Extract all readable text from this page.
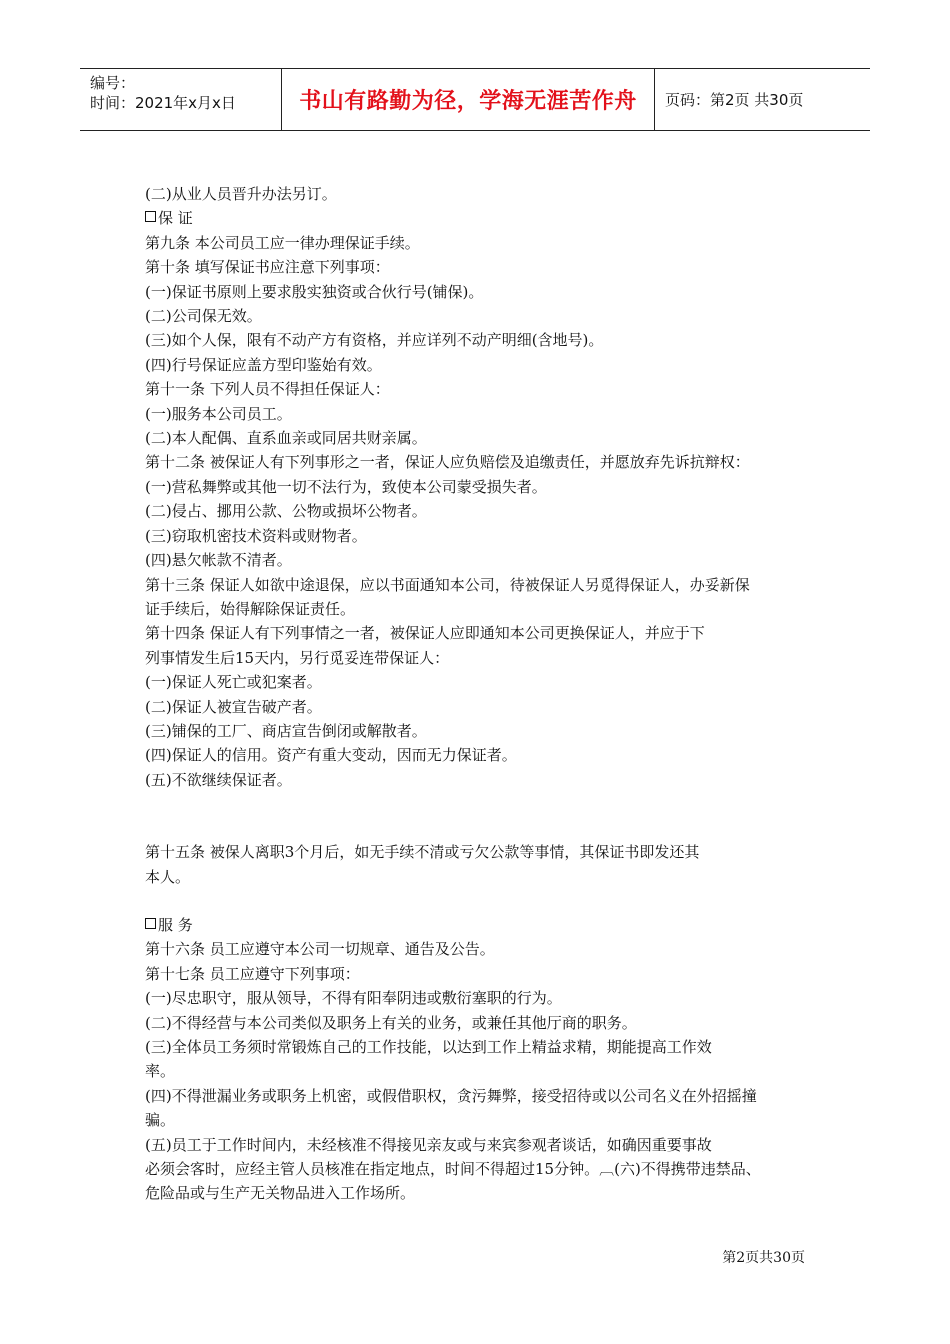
编号：
时间：2021年x月x日	书山有路勤为径，学海无涯苦作舟	页码：第2页 共30页

(二)从业人员晋升办法另订。

保 证

第九条 本公司员工应一律办理保证手续。

第十条 填写保证书应注意下列事项：

(一)保证书原则上要求殷实独资或合伙行号(铺保)。

(二)公司保无效。

(三)如个人保，限有不动产方有资格，并应详列不动产明细(含地号)。

(四)行号保证应盖方型印鉴始有效。

第十一条 下列人员不得担任保证人：

(一)服务本公司员工。

(二)本人配偶、直系血亲或同居共财亲属。

第十二条 被保证人有下列事形之一者，保证人应负赔偿及追缴责任，并愿放弃先诉抗辩权：

(一)营私舞弊或其他一切不法行为，致使本公司蒙受损失者。

(二)侵占、挪用公款、公物或损坏公物者。

(三)窃取机密技术资料或财物者。

(四)悬欠帐款不清者。

第十三条 保证人如欲中途退保，应以书面通知本公司，待被保证人另觅得保证人，办妥新保

证手续后，始得解除保证责任。

第十四条 保证人有下列事情之一者，被保证人应即通知本公司更换保证人，并应于下

列事情发生后15天内，另行觅妥连带保证人：

(一)保证人死亡或犯案者。

(二)保证人被宣告破产者。

(三)铺保的工厂、商店宣告倒闭或解散者。

(四)保证人的信用。资产有重大变动，因而无力保证者。

(五)不欲继续保证者。

第十五条 被保人离职3个月后，如无手续不清或亏欠公款等事情，其保证书即发还其

本人。

服 务

第十六条 员工应遵守本公司一切规章、通告及公告。

第十七条 员工应遵守下列事项：

(一)尽忠职守，服从领导，不得有阳奉阴违或敷衍塞职的行为。

(二)不得经营与本公司类似及职务上有关的业务，或兼任其他厅商的职务。

(三)全体员工务须时常锻炼自己的工作技能，以达到工作上精益求精，期能提高工作效

率。

(四)不得泄漏业务或职务上机密，或假借职权，贪污舞弊，接受招待或以公司名义在外招摇撞

骗。

(五)员工于工作时间内，未经核准不得接见亲友或与来宾参观者谈话，如确因重要事故

必须会客时，应经主管人员核准在指定地点，时间不得超过15分钟。︹(六)不得携带违禁品、

危险品或与生产无关物品进入工作场所。

第2页共30页
